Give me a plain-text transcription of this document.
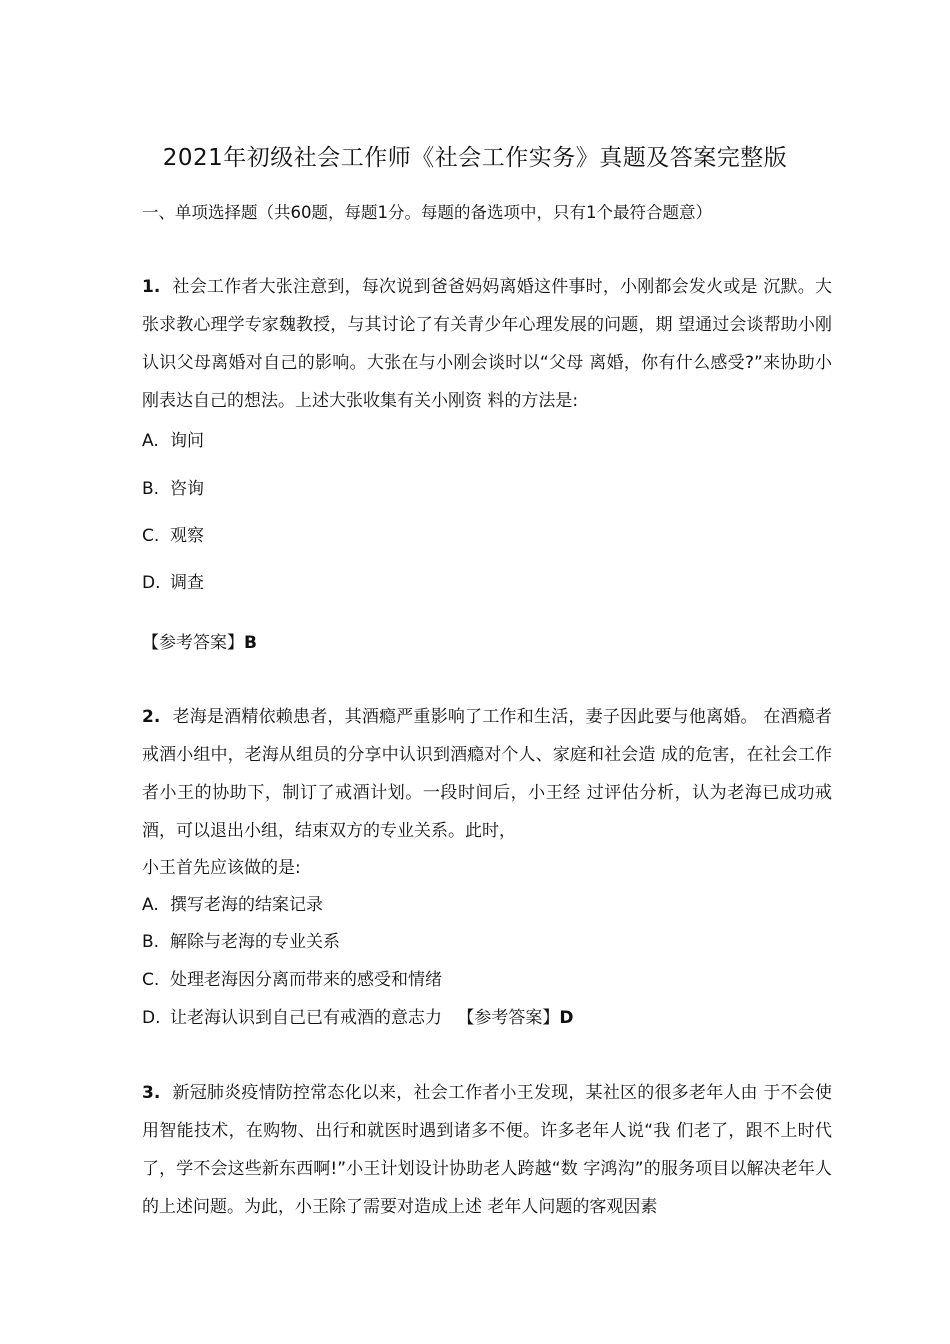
2021年初级社会工作师《社会工作实务》真题及答案完整版
一、单项选择题（共60题，每题1分。每题的备选项中，只有1个最符合题意）
1. 社会工作者大张注意到，每次说到爸爸妈妈离婚这件事时，小刚都会发火或是 沉默。大张求教心理学专家魏教授，与其讨论了有关青少年心理发展的问题，期 望通过会谈帮助小刚认识父母离婚对自己的影响。大张在与小刚会谈时以“父母 离婚，你有什么感受?”来协助小刚表达自己的想法。上述大张收集有关小刚资 料的方法是:
A. 询问
B. 咨询
C. 观察
D. 调查
【参考答案】B
2. 老海是酒精依赖患者，其酒瘾严重影响了工作和生活，妻子因此要与他离婚。 在酒瘾者戒酒小组中，老海从组员的分享中认识到酒瘾对个人、家庭和社会造 成的危害，在社会工作者小王的协助下，制订了戒酒计划。一段时间后，小王经 过评估分析，认为老海已成功戒酒，可以退出小组，结束双方的专业关系。此时，
小王首先应该做的是:
A. 撰写老海的结案记录
B. 解除与老海的专业关系
C. 处理老海因分离而带来的感受和情绪
D. 让老海认识到自己已有戒酒的意志力 【参考答案】D
3. 新冠肺炎疫情防控常态化以来，社会工作者小王发现，某社区的很多老年人由 于不会使用智能技术，在购物、出行和就医时遇到诸多不便。许多老年人说“我 们老了，跟不上时代了，学不会这些新东西啊!”小王计划设计协助老人跨越“数 字鸿沟”的服务项目以解决老年人的上述问题。为此，小王除了需要对造成上述 老年人问题的客观因素
